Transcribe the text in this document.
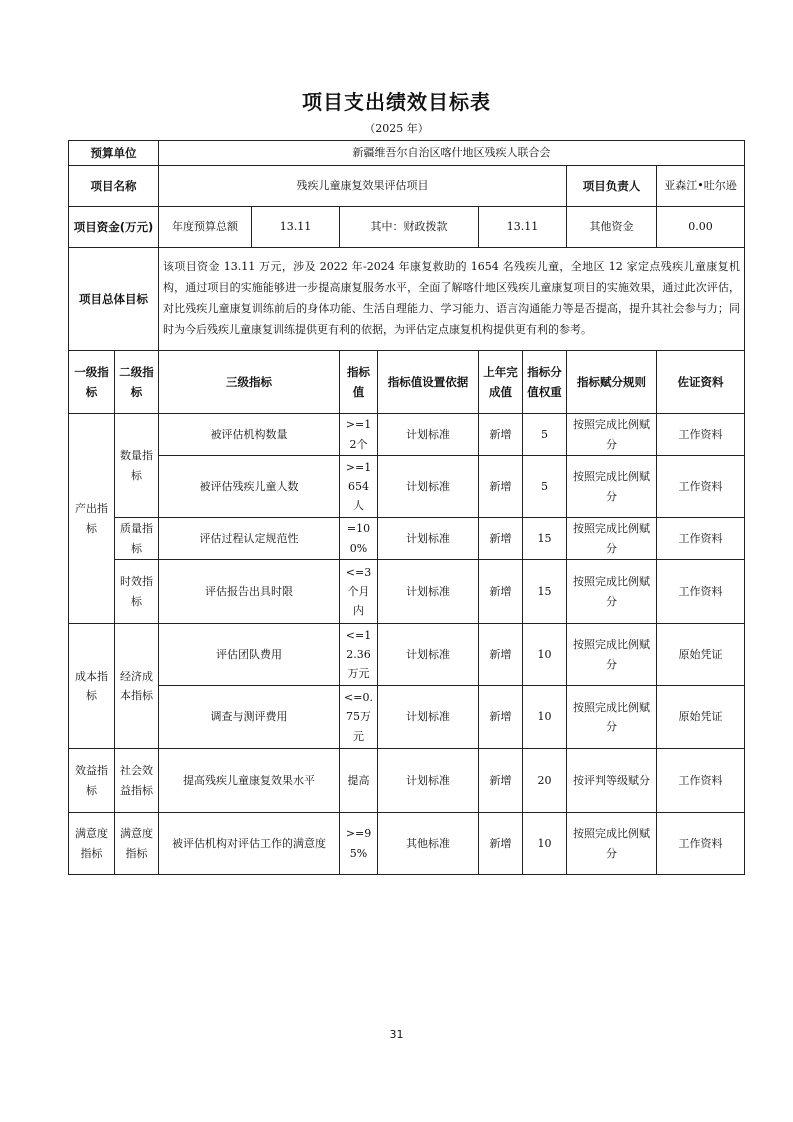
项目支出绩效目标表
（2025 年）
预算单位		新疆维吾尔自治区喀什地区残疾人联合会							
项目名称		残疾儿童康复效果评估项目						项目负责人	亚森江•吐尔逊
项目资金(万元)		年度预算总额	13.11	其中：财政拨款		13.11		其他资金	0.00
项目总体目标		该项目资金 13.11 万元，涉及 2022 年-2024 年康复救助的 1654 名残疾儿童，全地区 12 家定点残疾儿童康复机构，通过项目的实施能够进一步提高康复服务水平，全面了解喀什地区残疾儿童康复项目的实施效果，通过此次评估，对比残疾儿童康复训练前后的身体功能、生活自理能力、学习能力、语言沟通能力等是否提高，提升其社会参与力；同时为今后残疾儿童康复训练提供更有利的依据，为评估定点康复机构提供更有利的参考。							
一级指标	二级指标	三级指标		指标值	指标值设置依据	上年完成值	指标分值权重	指标赋分规则	佐证资料
产出指标	数量指标	被评估机构数量		>=12个	计划标准	新增	5	按照完成比例赋分	工作资料
		被评估残疾儿童人数		>=1654人	计划标准	新增	5	按照完成比例赋分	工作资料
	质量指标	评估过程认定规范性		=100%	计划标准	新增	15	按照完成比例赋分	工作资料
	时效指标	评估报告出具时限		<=3个月内	计划标准	新增	15	按照完成比例赋分	工作资料
成本指标	经济成本指标	评估团队费用		<=12.36万元	计划标准	新增	10	按照完成比例赋分	原始凭证
		调查与测评费用		<=0.75万元	计划标准	新增	10	按照完成比例赋分	原始凭证
效益指标	社会效益指标	提高残疾儿童康复效果水平		提高	计划标准	新增	20	按评判等级赋分	工作资料
满意度指标	满意度指标	被评估机构对评估工作的满意度		>=95%	其他标准	新增	10	按照完成比例赋分	工作资料
31
